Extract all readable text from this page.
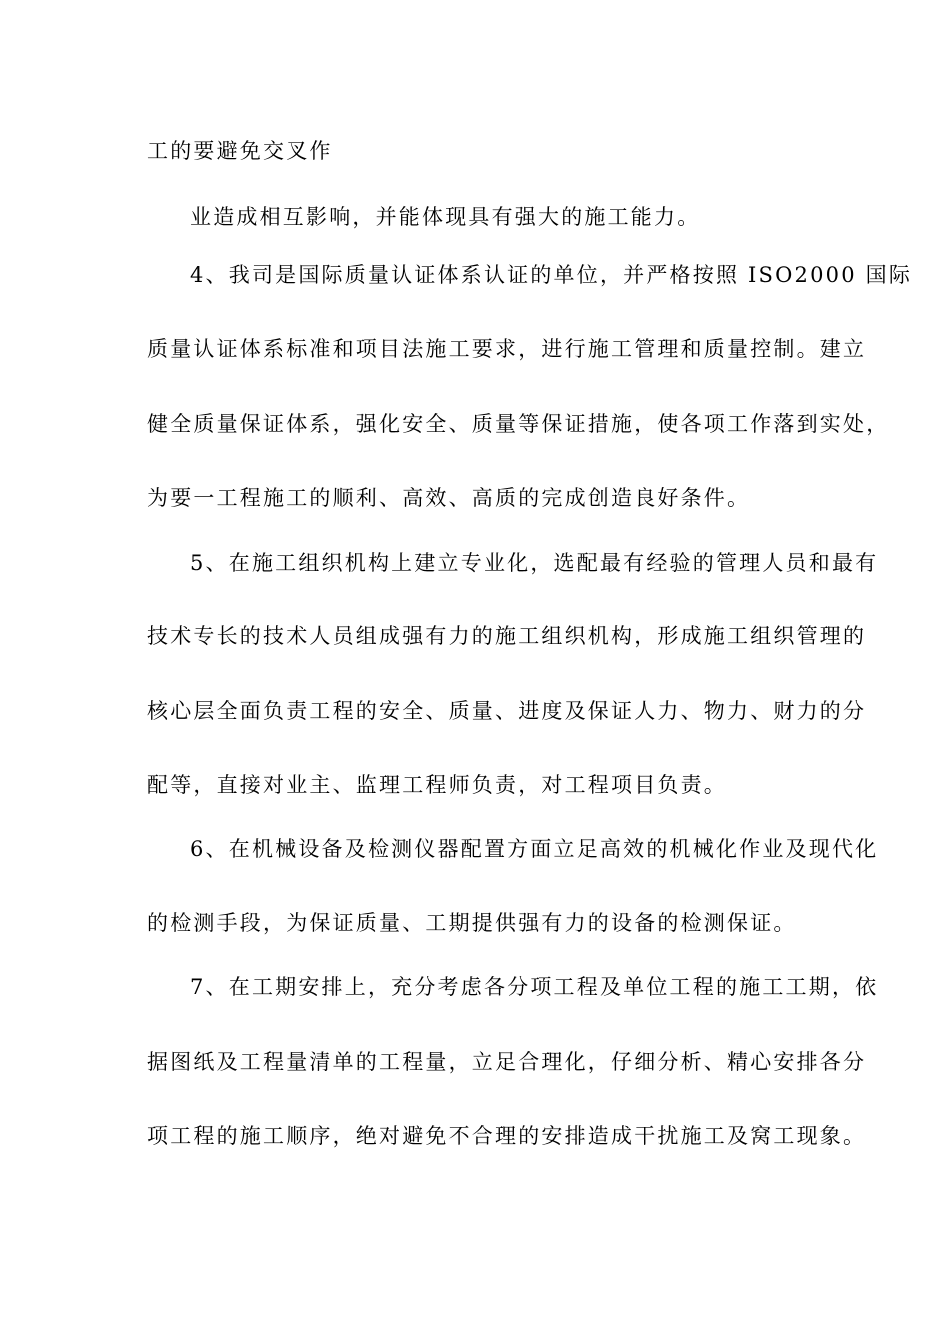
工的要避免交叉作
业造成相互影响，并能体现具有强大的施工能力。
4、我司是国际质量认证体系认证的单位，并严格按照 ISO2000 国际
质量认证体系标准和项目法施工要求，进行施工管理和质量控制。建立
健全质量保证体系，强化安全、质量等保证措施，使各项工作落到实处，
为要一工程施工的顺利、高效、高质的完成创造良好条件。
5、在施工组织机构上建立专业化，选配最有经验的管理人员和最有
技术专长的技术人员组成强有力的施工组织机构，形成施工组织管理的
核心层全面负责工程的安全、质量、进度及保证人力、物力、财力的分
配等，直接对业主、监理工程师负责，对工程项目负责。
6、在机械设备及检测仪器配置方面立足高效的机械化作业及现代化
的检测手段，为保证质量、工期提供强有力的设备的检测保证。
7、在工期安排上，充分考虑各分项工程及单位工程的施工工期，依
据图纸及工程量清单的工程量，立足合理化，仔细分析、精心安排各分
项工程的施工顺序，绝对避免不合理的安排造成干扰施工及窝工现象。
